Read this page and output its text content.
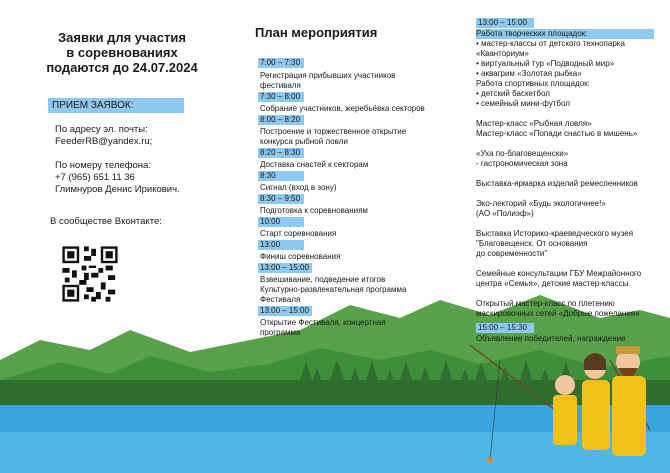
Заявки для участия
в соревнованиях
подаются до 24.07.2024
ПРИЕМ ЗАЯВОК:
По адресу эл. почты:
FeederRB@yandex.ru;
По номеру телефона:
+7 (965) 651 11 36
Глимнуров Денис Ирикович.
В сообществе Вконтакте:
План мероприятия
7:00 – 7:30
Регистрация прибывших участников
фестиваля
7:30 – 8:00
Собрание участников, жеребьёвка секторов
8:00 – 8:20
Построение и торжественное открытие
конкурса рыбной ловли
8:20 – 8:30
Доставка снастей к секторам
8:30
Сигнал (вход в зону)
8:30 – 9:50
Подготовка к соревнованиям
10:00
Старт соревнования
13:00
Финиш соревнования
13:00 – 15:00
Взвешивание, подведение итогов
Культурно-развлекательная программа
Фестиваля
13:00 – 15:00
Открытие Фестиваля, концертная
программа
13:00 – 15:00
Работа творческих площадок:
• мастер-классы от детского технопарка
«Кванториум»
• виртуальный тур «Подводный мир»
• аквагрим «Золотая рыбка»
Работа спортивных площадок:
• детский баскетбол
• семейный мини-футбол
Мастер-класс «Рыбная ловля»
Мастер-класс «Попади снастью в мишень»
«Уха по-благовещенски»
- гастрономическая зона
Выставка-ярмарка изделий ремесленников
Эко-лекторий «Будь экологичнее!»
(АО «Полиэф»)
Выставка Историко-краеведческого музея
"Благовещенск. От основания
до современности"
Семейные консультации ГБУ Межрайонного
центра «Семья», детские мастер-классы
Открытый мастер-класс по плетению
маскировочных сетей «Добрые пожелания»
15:00 – 15:30
Объявление победителей, награждение
